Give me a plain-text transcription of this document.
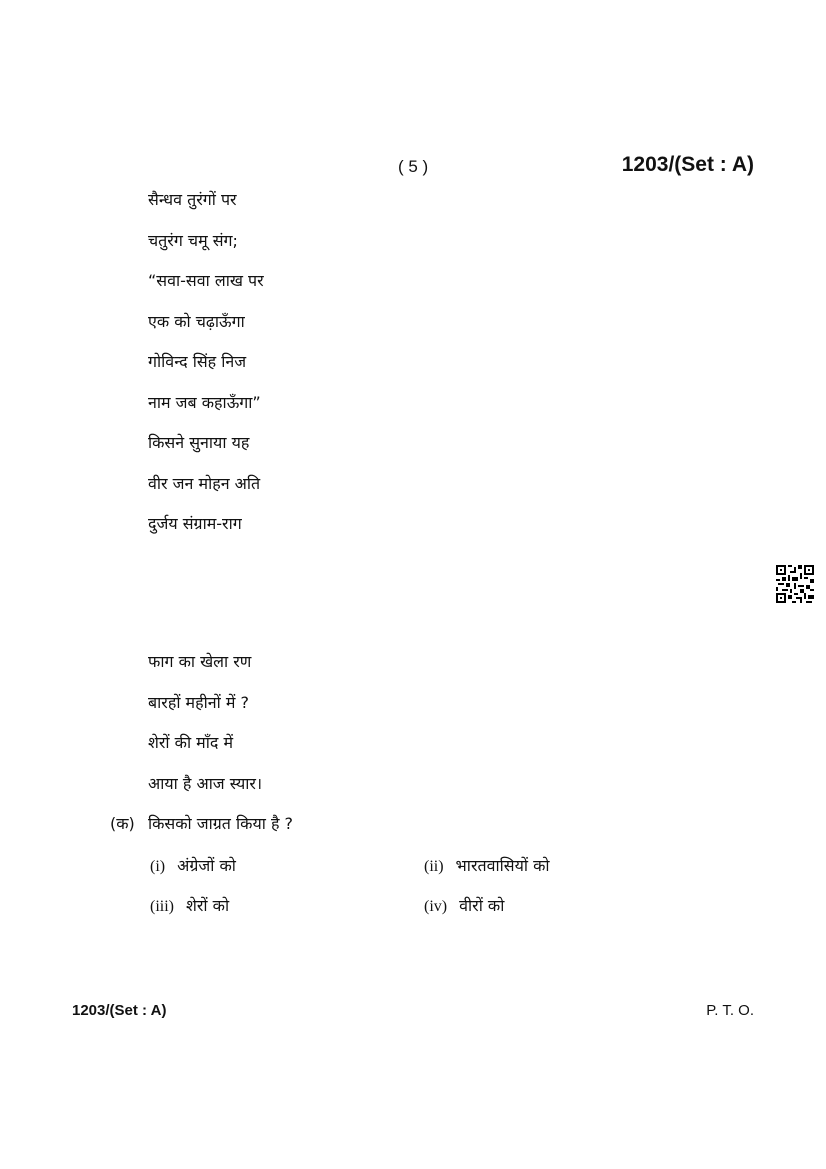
( 5 )	1203/(Set : A)
सैन्धव तुरंगों पर
चतुरंग चमू संग;
“सवा-सवा लाख पर
एक को चढ़ाऊँगा
गोविन्द सिंह निज
नाम जब कहाऊँगा”
किसने सुनाया यह
वीर जन मोहन अति
दुर्जय संग्राम-राग
फाग का खेला रण
बारहों महीनों में ?
शेरों की माँद में
आया है आज स्यार।
(क) किसको जाग्रत किया है ?
(i) अंग्रेजों को	(ii) भारतवासियों को
(iii) शेरों को	(iv) वीरों को
1203/(Set : A)	P. T. O.
